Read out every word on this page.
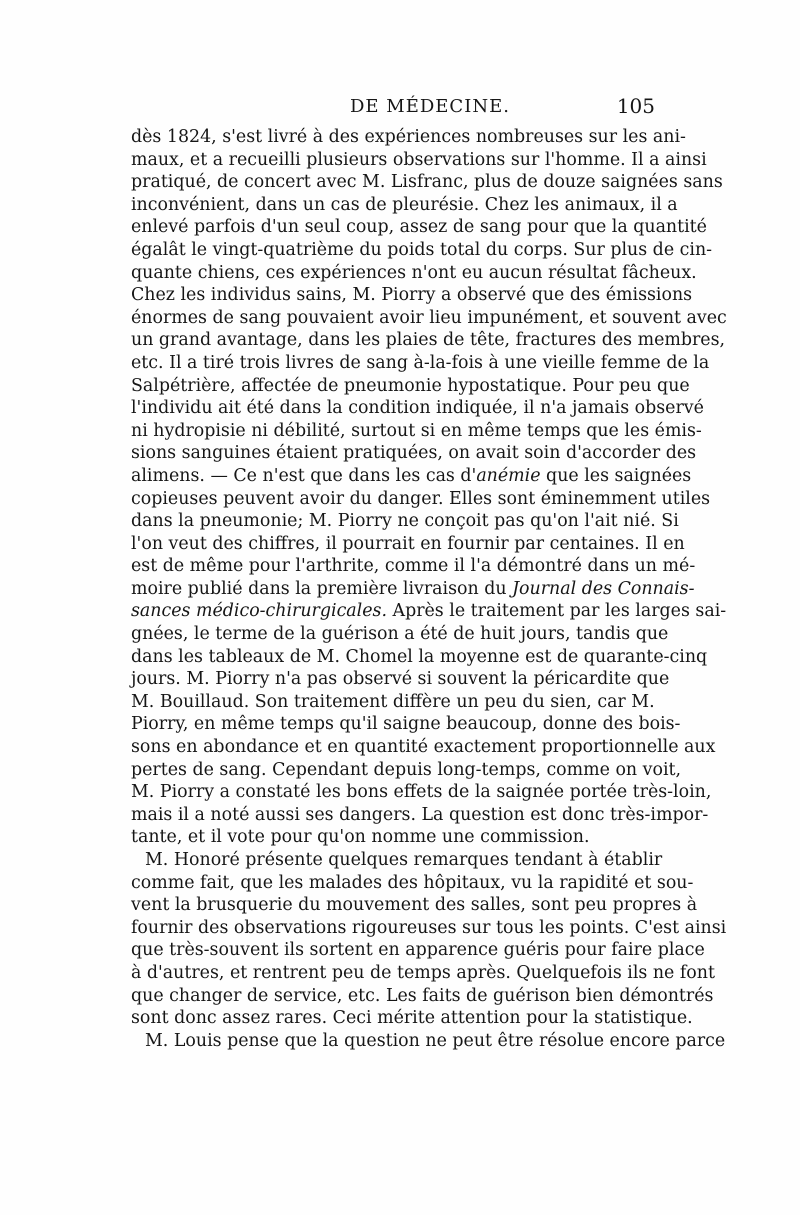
DE MÉDECINE.	105
dès 1824, s'est livré à des expériences nombreuses sur les ani-
maux, et a recueilli plusieurs observations sur l'homme. Il a ainsi
pratiqué, de concert avec M. Lisfranc, plus de douze saignées sans
inconvénient, dans un cas de pleurésie. Chez les animaux, il a
enlevé parfois d'un seul coup, assez de sang pour que la quantité
égalât le vingt-quatrième du poids total du corps. Sur plus de cin-
quante chiens, ces expériences n'ont eu aucun résultat fâcheux.
Chez les individus sains, M. Piorry a observé que des émissions
énormes de sang pouvaient avoir lieu impunément, et souvent avec
un grand avantage, dans les plaies de tête, fractures des membres,
etc. Il a tiré trois livres de sang à-la-fois à une vieille femme de la
Salpétrière, affectée de pneumonie hypostatique. Pour peu que
l'individu ait été dans la condition indiquée, il n'a jamais observé
ni hydropisie ni débilité, surtout si en même temps que les émis-
sions sanguines étaient pratiquées, on avait soin d'accorder des
alimens. — Ce n'est que dans les cas d'anémie que les saignées
copieuses peuvent avoir du danger. Elles sont éminemment utiles
dans la pneumonie; M. Piorry ne conçoit pas qu'on l'ait nié. Si
l'on veut des chiffres, il pourrait en fournir par centaines. Il en
est de même pour l'arthrite, comme il l'a démontré dans un mé-
moire publié dans la première livraison du Journal des Connais-
sances médico-chirurgicales. Après le traitement par les larges sai-
gnées, le terme de la guérison a été de huit jours, tandis que
dans les tableaux de M. Chomel la moyenne est de quarante-cinq
jours. M. Piorry n'a pas observé si souvent la péricardite que
M. Bouillaud. Son traitement diffère un peu du sien, car M.
Piorry, en même temps qu'il saigne beaucoup, donne des bois-
sons en abondance et en quantité exactement proportionnelle aux
pertes de sang. Cependant depuis long-temps, comme on voit,
M. Piorry a constaté les bons effets de la saignée portée très-loin,
mais il a noté aussi ses dangers. La question est donc très-impor-
tante, et il vote pour qu'on nomme une commission.
M. Honoré présente quelques remarques tendant à établir
comme fait, que les malades des hôpitaux, vu la rapidité et sou-
vent la brusquerie du mouvement des salles, sont peu propres à
fournir des observations rigoureuses sur tous les points. C'est ainsi
que très-souvent ils sortent en apparence guéris pour faire place
à d'autres, et rentrent peu de temps après. Quelquefois ils ne font
que changer de service, etc. Les faits de guérison bien démontrés
sont donc assez rares. Ceci mérite attention pour la statistique.
M. Louis pense que la question ne peut être résolue encore parce
